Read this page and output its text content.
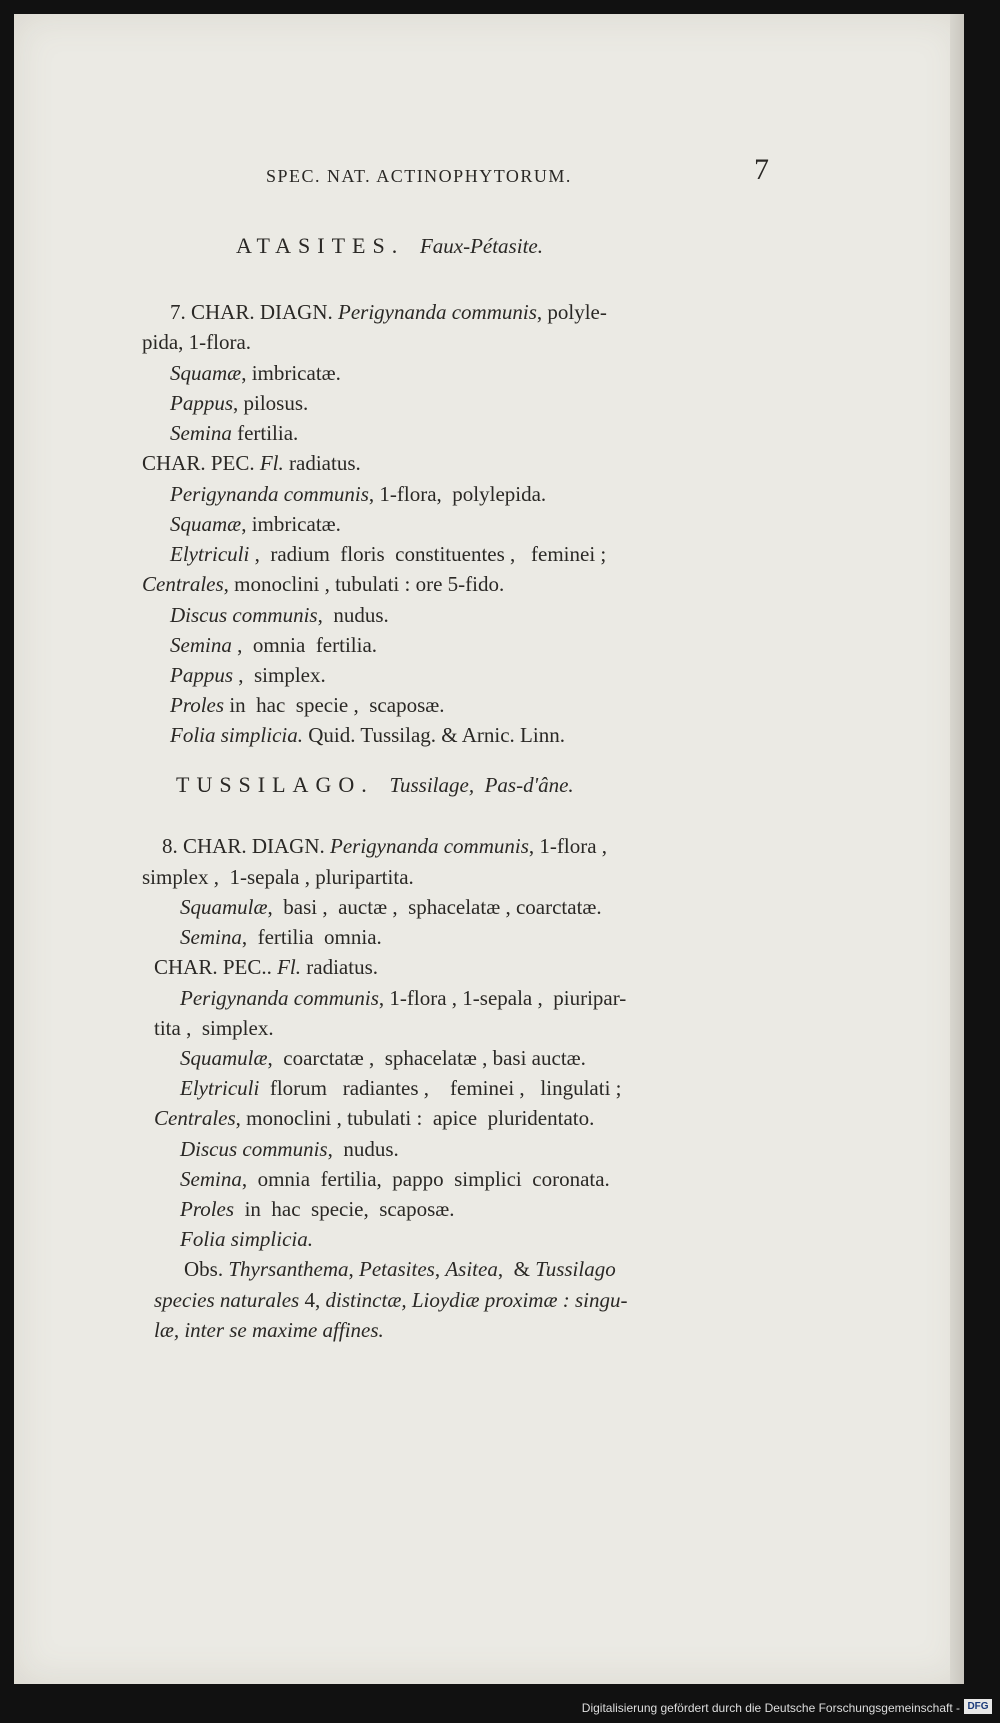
SPEC. NAT. ACTINOPHYTORUM.	7
ATASITES. Faux-Pétasite.
7. CHAR. DIAGN. Perigynanda communis, polyle-
pida, 1-flora.
Squamæ, imbricatæ.
Pappus, pilosus.
Semina fertilia.
CHAR. PEC. Fl. radiatus.
Perigynanda communis, 1-flora,  polylepida.
Squamæ, imbricatæ.
Elytriculi ,  radium  floris  constituentes ,   feminei ;
Centrales, monoclini , tubulati : ore 5-fido.
Discus communis,  nudus.
Semina ,  omnia  fertilia.
Pappus ,  simplex.
Proles in  hac  specie ,  scaposæ.
Folia simplicia. Quid. Tussilag. & Arnic. Linn.
TUSSILAGO. Tussilage,  Pas-d'âne.
8. CHAR. DIAGN. Perigynanda communis, 1-flora ,
simplex ,  1-sepala , pluripartita.
Squamulæ,  basi ,  auctæ ,  sphacelatæ , coarctatæ.
Semina,  fertilia  omnia.
CHAR. PEC.. Fl. radiatus.
Perigynanda communis, 1-flora , 1-sepala ,  piuripar-
tita ,  simplex.
Squamulæ,  coarctatæ ,  sphacelatæ , basi auctæ.
Elytriculi  florum   radiantes ,    feminei ,   lingulati ;
Centrales, monoclini , tubulati :  apice  pluridentato.
Discus communis,  nudus.
Semina,  omnia  fertilia,  pappo  simplici  coronata.
Proles  in  hac  specie,  scaposæ.
Folia simplicia.
Obs. Thyrsanthema, Petasites, Asitea,  & Tussilago
species naturales 4, distinctæ, Lioydiæ proximæ : singu-
læ, inter se maxime affines.
Digitalisierung gefördert durch die Deutsche Forschungsgemeinschaft - DFG
